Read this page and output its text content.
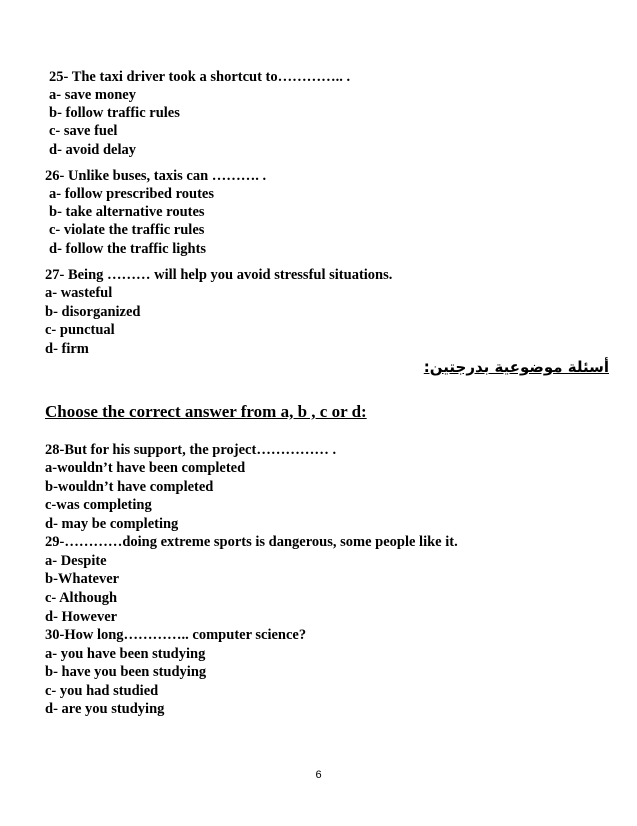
25- The taxi driver took a shortcut to………….. .
a- save money
b- follow traffic rules
c- save fuel
d- avoid delay
26- Unlike buses, taxis can ………. .
a- follow prescribed routes
b- take alternative routes
c- violate the traffic rules
d- follow the traffic lights
27- Being ……… will help you avoid stressful situations.
a- wasteful
b- disorganized
c- punctual
d- firm
أسئلة موضوعية بدرجتين:
Choose the correct answer from a, b , c or d:
28-But for his support, the project…………… .
a-wouldn’t have been completed
b-wouldn’t have completed
c-was completing
d- may be completing
29-…………doing extreme sports is dangerous, some people like it.
a- Despite
b-Whatever
c- Although
d- However
30-How long………….. computer science?
a- you have been studying
b- have you been studying
c- you had studied
d- are you studying
6
